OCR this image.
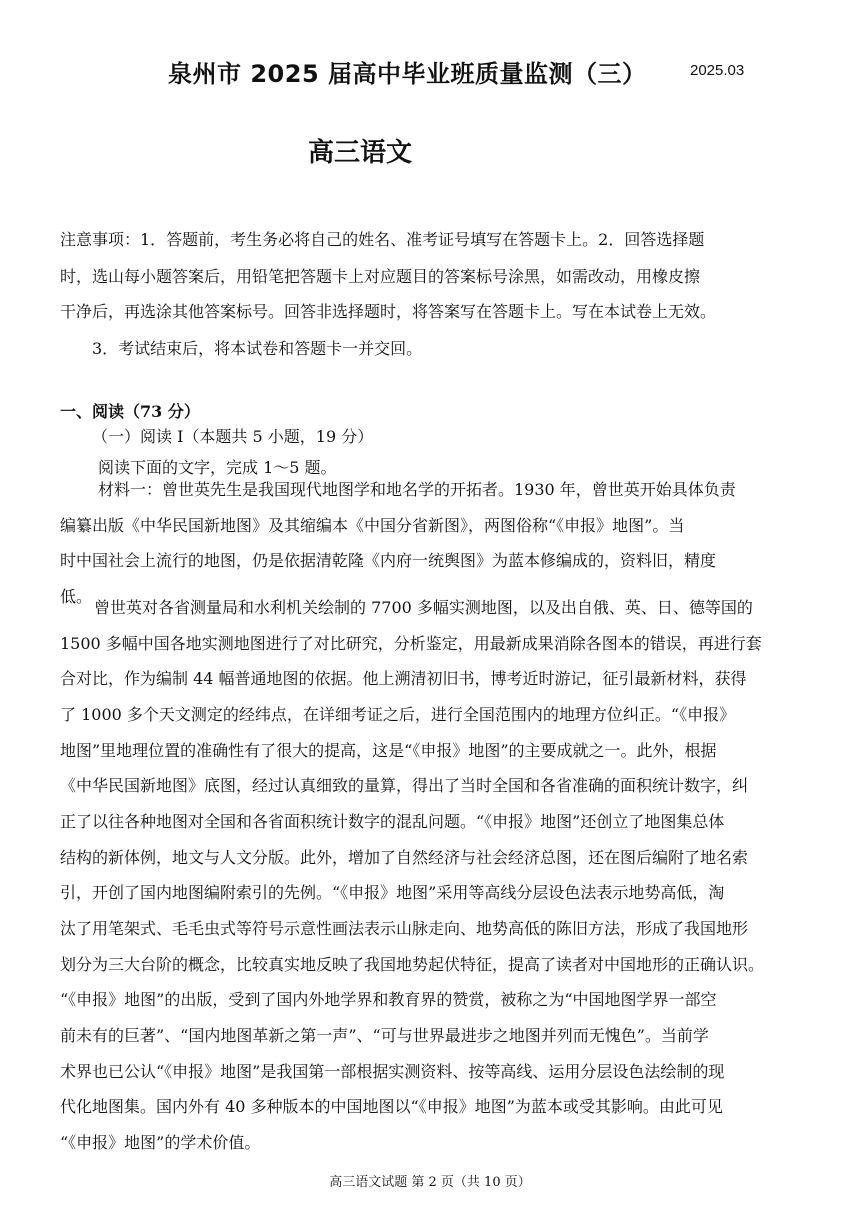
泉州市 2025 届高中毕业班质量监测（三）	2025.03
高三语文
注意事项：1．答题前，考生务必将自己的姓名、准考证号填写在答题卡上。2．回答选择题
时，选山每小题答案后，用铅笔把答题卡上对应题目的答案标号涂黑，如需改动，用橡皮擦
干净后，再选涂其他答案标号。回答非选择题时，将答案写在答题卡上。写在本试卷上无效。
3．考试结束后，将本试卷和答题卡一并交回。
一、阅读（73 分）
（一）阅读 I（本题共 5 小题，19 分）
阅读下面的文字，完成 1～5 题。
材料一：曾世英先生是我国现代地图学和地名学的开拓者。1930 年，曾世英开始具体负责
编纂出版《中华民国新地图》及其缩编本《中国分省新图》，两图俗称“《申报》地图”。当
时中国社会上流行的地图，仍是依据清乾隆《内府一统舆图》为蓝本修编成的，资料旧，精度
低。
曾世英对各省测量局和水利机关绘制的 7700 多幅实测地图，以及出自俄、英、日、德等国的
1500 多幅中国各地实测地图进行了对比研究，分析鉴定，用最新成果消除各图本的错误，再进行套
合对比，作为编制 44 幅普通地图的依据。他上溯清初旧书，博考近时游记，征引最新材料，获得
了 1000 多个天文测定的经纬点，在详细考证之后，进行全国范围内的地理方位纠正。“《申报》
地图”里地理位置的准确性有了很大的提高，这是“《申报》地图”的主要成就之一。此外，根据
《中华民国新地图》底图，经过认真细致的量算，得出了当时全国和各省准确的面积统计数字，纠
正了以往各种地图对全国和各省面积统计数字的混乱问题。“《申报》地图”还创立了地图集总体
结构的新体例，地文与人文分版。此外，增加了自然经济与社会经济总图，还在图后编附了地名索
引，开创了国内地图编附索引的先例。“《申报》地图”采用等高线分层设色法表示地势高低，淘
汰了用笔架式、毛毛虫式等符号示意性画法表示山脉走向、地势高低的陈旧方法，形成了我国地形
划分为三大台阶的概念，比较真实地反映了我国地势起伏特征，提高了读者对中国地形的正确认识。
“《申报》地图”的出版，受到了国内外地学界和教育界的赞赏，被称之为“中国地图学界一部空
前未有的巨著”、“国内地图革新之第一声”、“可与世界最进步之地图并列而无愧色”。当前学
术界也已公认“《申报》地图”是我国第一部根据实测资料、按等高线、运用分层设色法绘制的现
代化地图集。国内外有 40 多种版本的中国地图以“《申报》地图”为蓝本或受其影响。由此可见
“《申报》地图”的学术价值。
高三语文试题 第 2 页（共 10 页）
